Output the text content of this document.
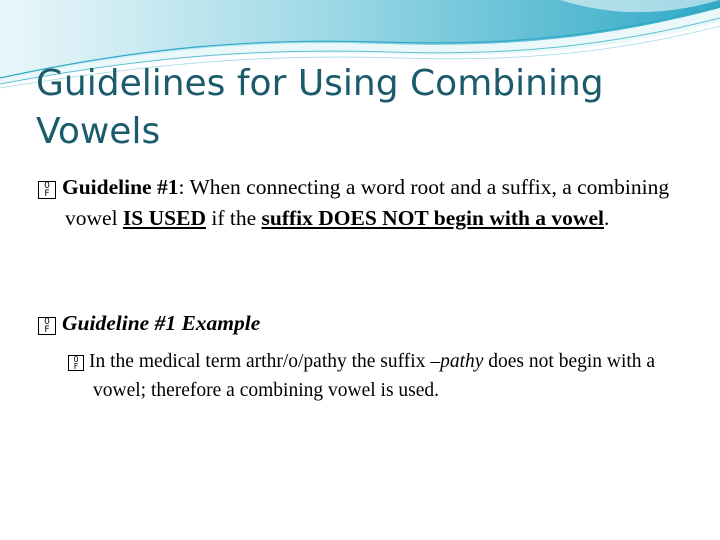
Guidelines for Using Combining Vowels
0
F Guideline #1: When connecting a word root and a suffix, a combining vowel IS USED if the suffix DOES NOT begin with a vowel.
0
F Guideline #1 Example
0
F In the medical term arthr/o/pathy the suffix –pathy does not begin with a vowel; therefore a combining vowel is used.
